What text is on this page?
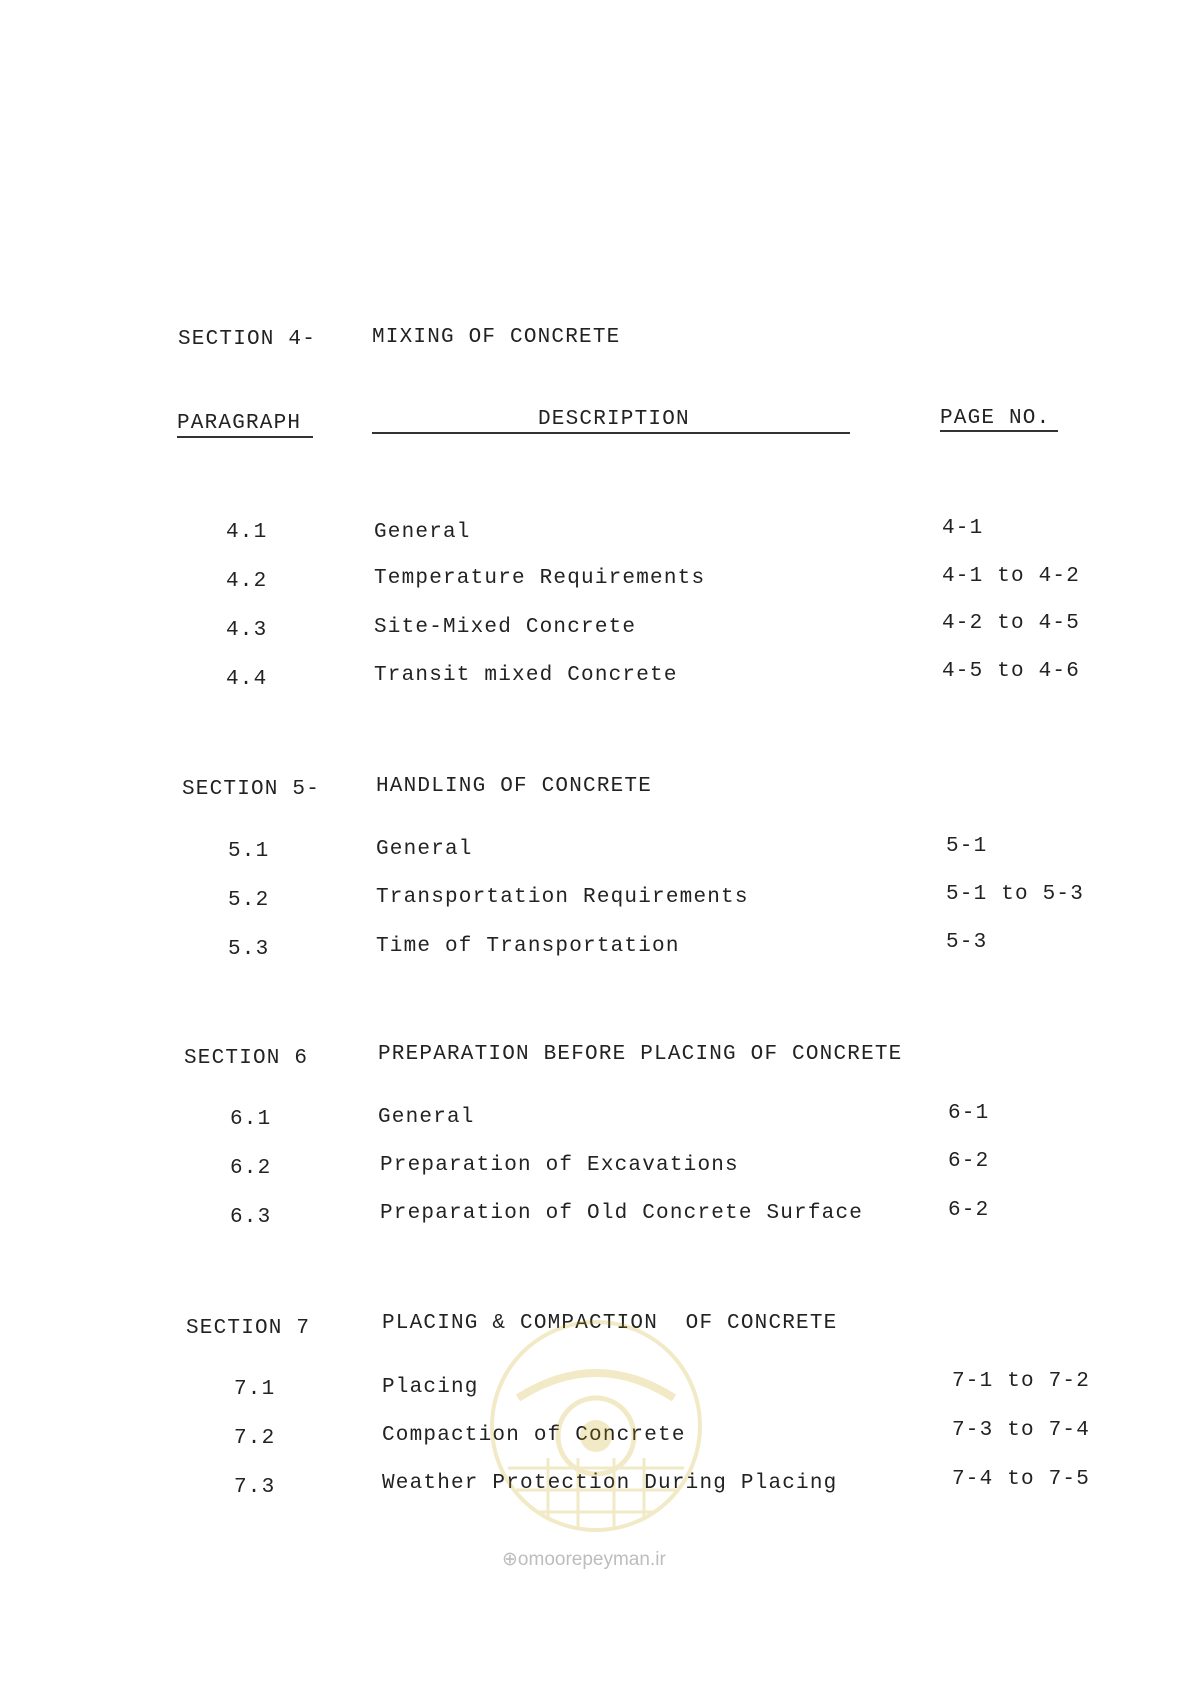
PARAGRAPH	DESCRIPTION	PAGE NO.
SECTION 4-	MIXING OF CONCRETE
4.1	General	4-1
4.2	Temperature Requirements	4-1 to 4-2
4.3	Site-Mixed Concrete	4-2 to 4-5
4.4	Transit mixed Concrete	4-5 to 4-6
SECTION 5-	HANDLING OF CONCRETE
5.1	General	5-1
5.2	Transportation Requirements	5-1 to 5-3
5.3	Time of Transportation	5-3
SECTION 6	PREPARATION BEFORE PLACING OF CONCRETE
6.1	General	6-1
6.2	Preparation of Excavations	6-2
6.3	Preparation of Old Concrete Surface	6-2
SECTION 7	PLACING & COMPACTION  OF CONCRETE
7.1	Placing	7-1 to 7-2
7.2	Compaction of Concrete	7-3 to 7-4
7.3	Weather Protection During Placing	7-4 to 7-5
⊕omoorepeyman.ir
